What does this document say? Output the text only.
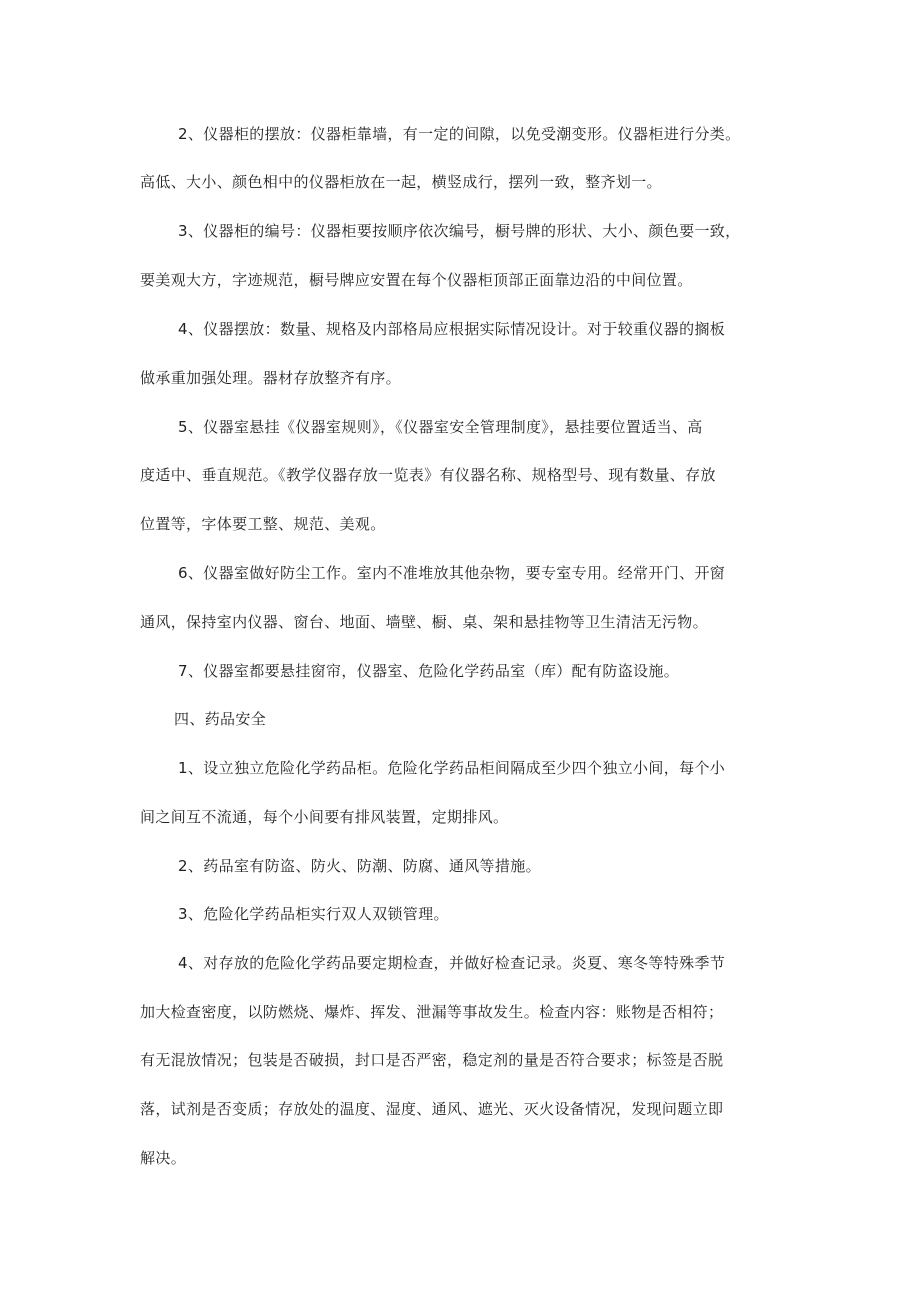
2、仪器柜的摆放：仪器柜靠墙，有一定的间隙，以免受潮变形。仪器柜进行分类。
高低、大小、颜色相中的仪器柜放在一起，横竖成行，摆列一致，整齐划一。
3、仪器柜的编号：仪器柜要按顺序依次编号，橱号牌的形状、大小、颜色要一致，
要美观大方，字迹规范，橱号牌应安置在每个仪器柜顶部正面靠边沿的中间位置。
4、仪器摆放：数量、规格及内部格局应根据实际情况设计。对于较重仪器的搁板
做承重加强处理。器材存放整齐有序。
5、仪器室悬挂《仪器室规则》，《仪器室安全管理制度》，悬挂要位置适当、高
度适中、垂直规范。《教学仪器存放一览表》有仪器名称、规格型号、现有数量、存放
位置等，字体要工整、规范、美观。
6、仪器室做好防尘工作。室内不准堆放其他杂物，要专室专用。经常开门、开窗
通风，保持室内仪器、窗台、地面、墙壁、橱、桌、架和悬挂物等卫生清洁无污物。
7、仪器室都要悬挂窗帘，仪器室、危险化学药品室（库）配有防盗设施。
四、药品安全
1、设立独立危险化学药品柜。危险化学药品柜间隔成至少四个独立小间，每个小
间之间互不流通，每个小间要有排风装置，定期排风。
2、药品室有防盗、防火、防潮、防腐、通风等措施。
3、危险化学药品柜实行双人双锁管理。
4、对存放的危险化学药品要定期检查，并做好检查记录。炎夏、寒冬等特殊季节
加大检查密度，以防燃烧、爆炸、挥发、泄漏等事故发生。检查内容：账物是否相符；
有无混放情况；包装是否破损，封口是否严密，稳定剂的量是否符合要求；标签是否脱
落，试剂是否变质；存放处的温度、湿度、通风、遮光、灭火设备情况，发现问题立即
解决。
